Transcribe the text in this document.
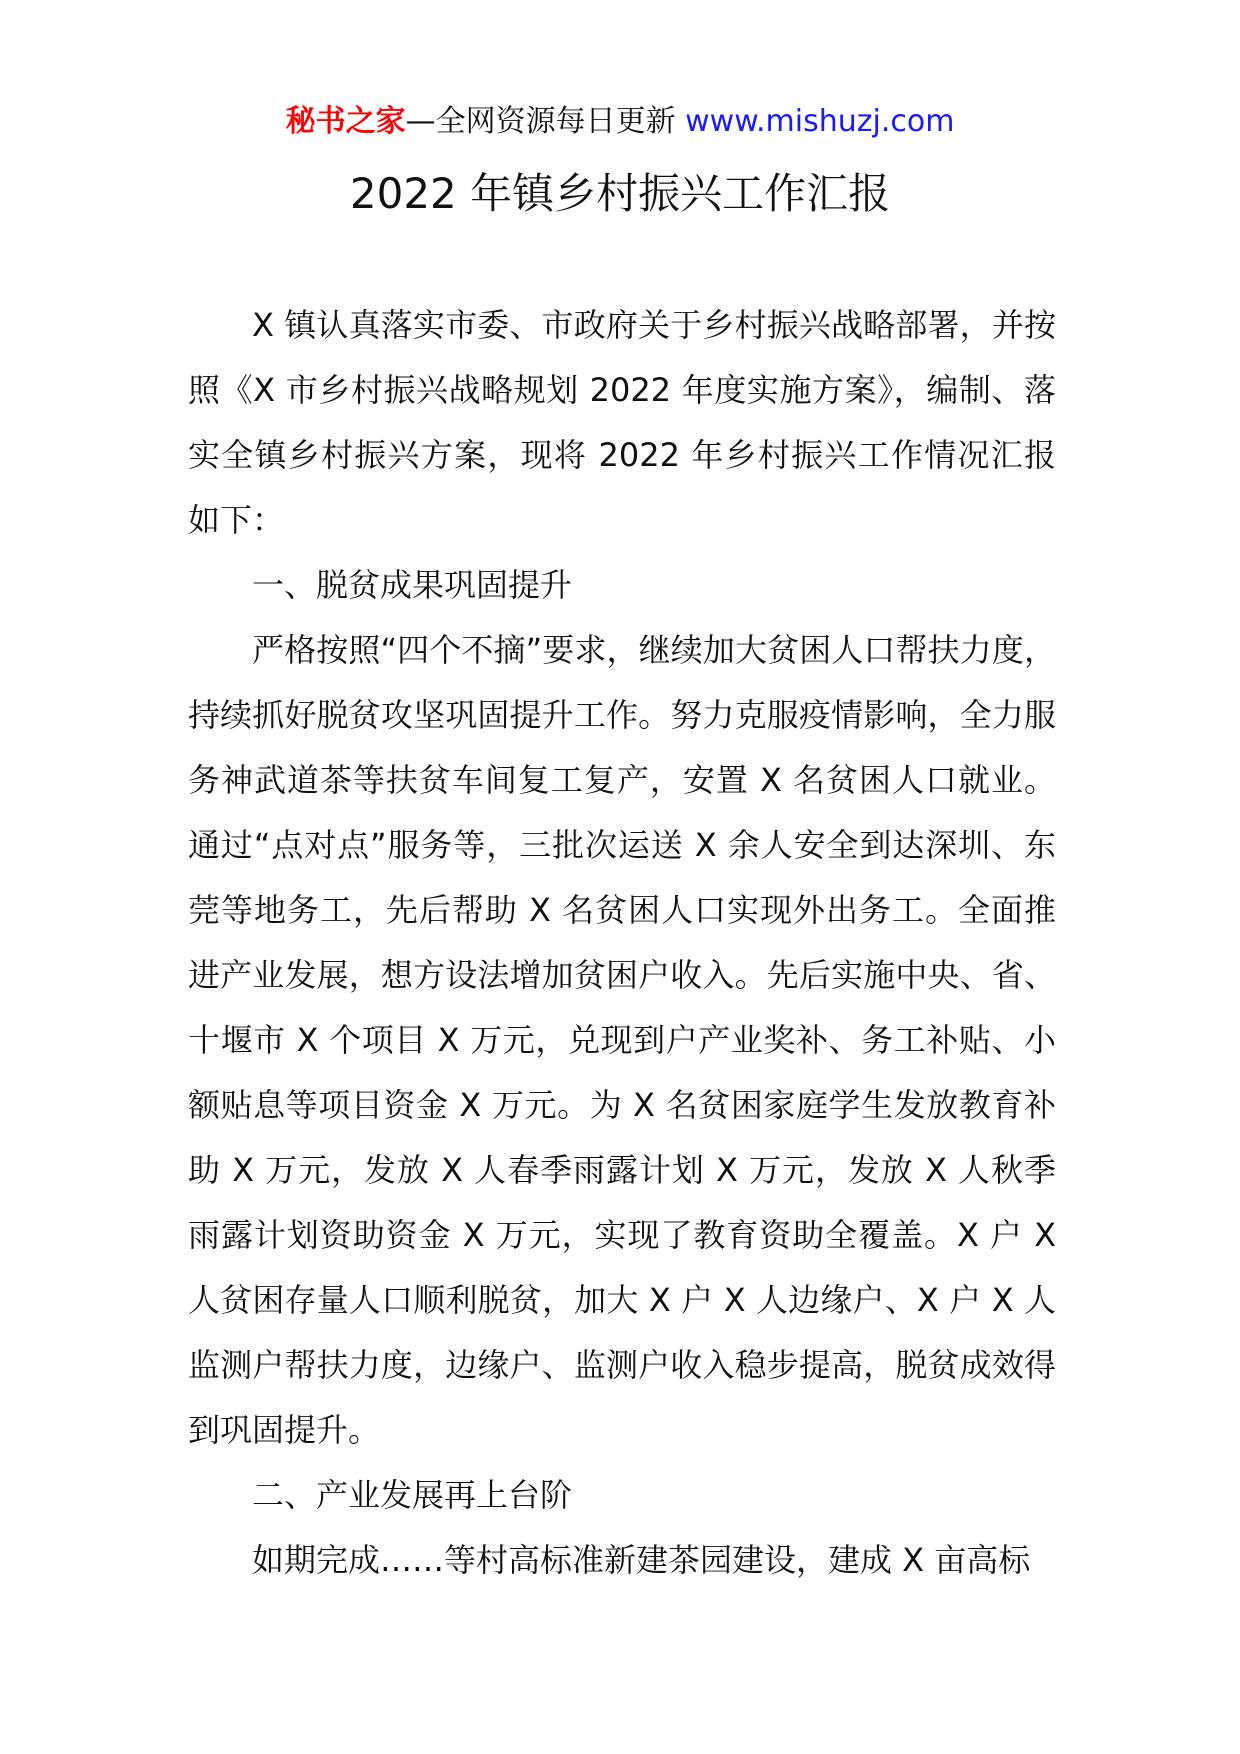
秘书之家—全网资源每日更新 www.mishuzj.com
2022 年镇乡村振兴工作汇报

X 镇认真落实市委、市政府关于乡村振兴战略部署，并按照《X 市乡村振兴战略规划 2022 年度实施方案》，编制、落实全镇乡村振兴方案，现将 2022 年乡村振兴工作情况汇报如下：

一、脱贫成果巩固提升

严格按照“四个不摘”要求，继续加大贫困人口帮扶力度，持续抓好脱贫攻坚巩固提升工作。努力克服疫情影响，全力服务神武道茶等扶贫车间复工复产，安置 X 名贫困人口就业。通过“点对点”服务等，三批次运送 X 余人安全到达深圳、东莞等地务工，先后帮助 X 名贫困人口实现外出务工。全面推进产业发展，想方设法增加贫困户收入。先后实施中央、省、十堰市 X 个项目 X 万元，兑现到户产业奖补、务工补贴、小额贴息等项目资金 X 万元。为 X 名贫困家庭学生发放教育补助 X 万元，发放 X 人春季雨露计划 X 万元，发放 X 人秋季雨露计划资助资金 X 万元，实现了教育资助全覆盖。X 户 X 人贫困存量人口顺利脱贫，加大 X 户 X 人边缘户、X 户 X 人监测户帮扶力度，边缘户、监测户收入稳步提高，脱贫成效得到巩固提升。

二、产业发展再上台阶

如期完成……等村高标准新建茶园建设，建成 X 亩高标
